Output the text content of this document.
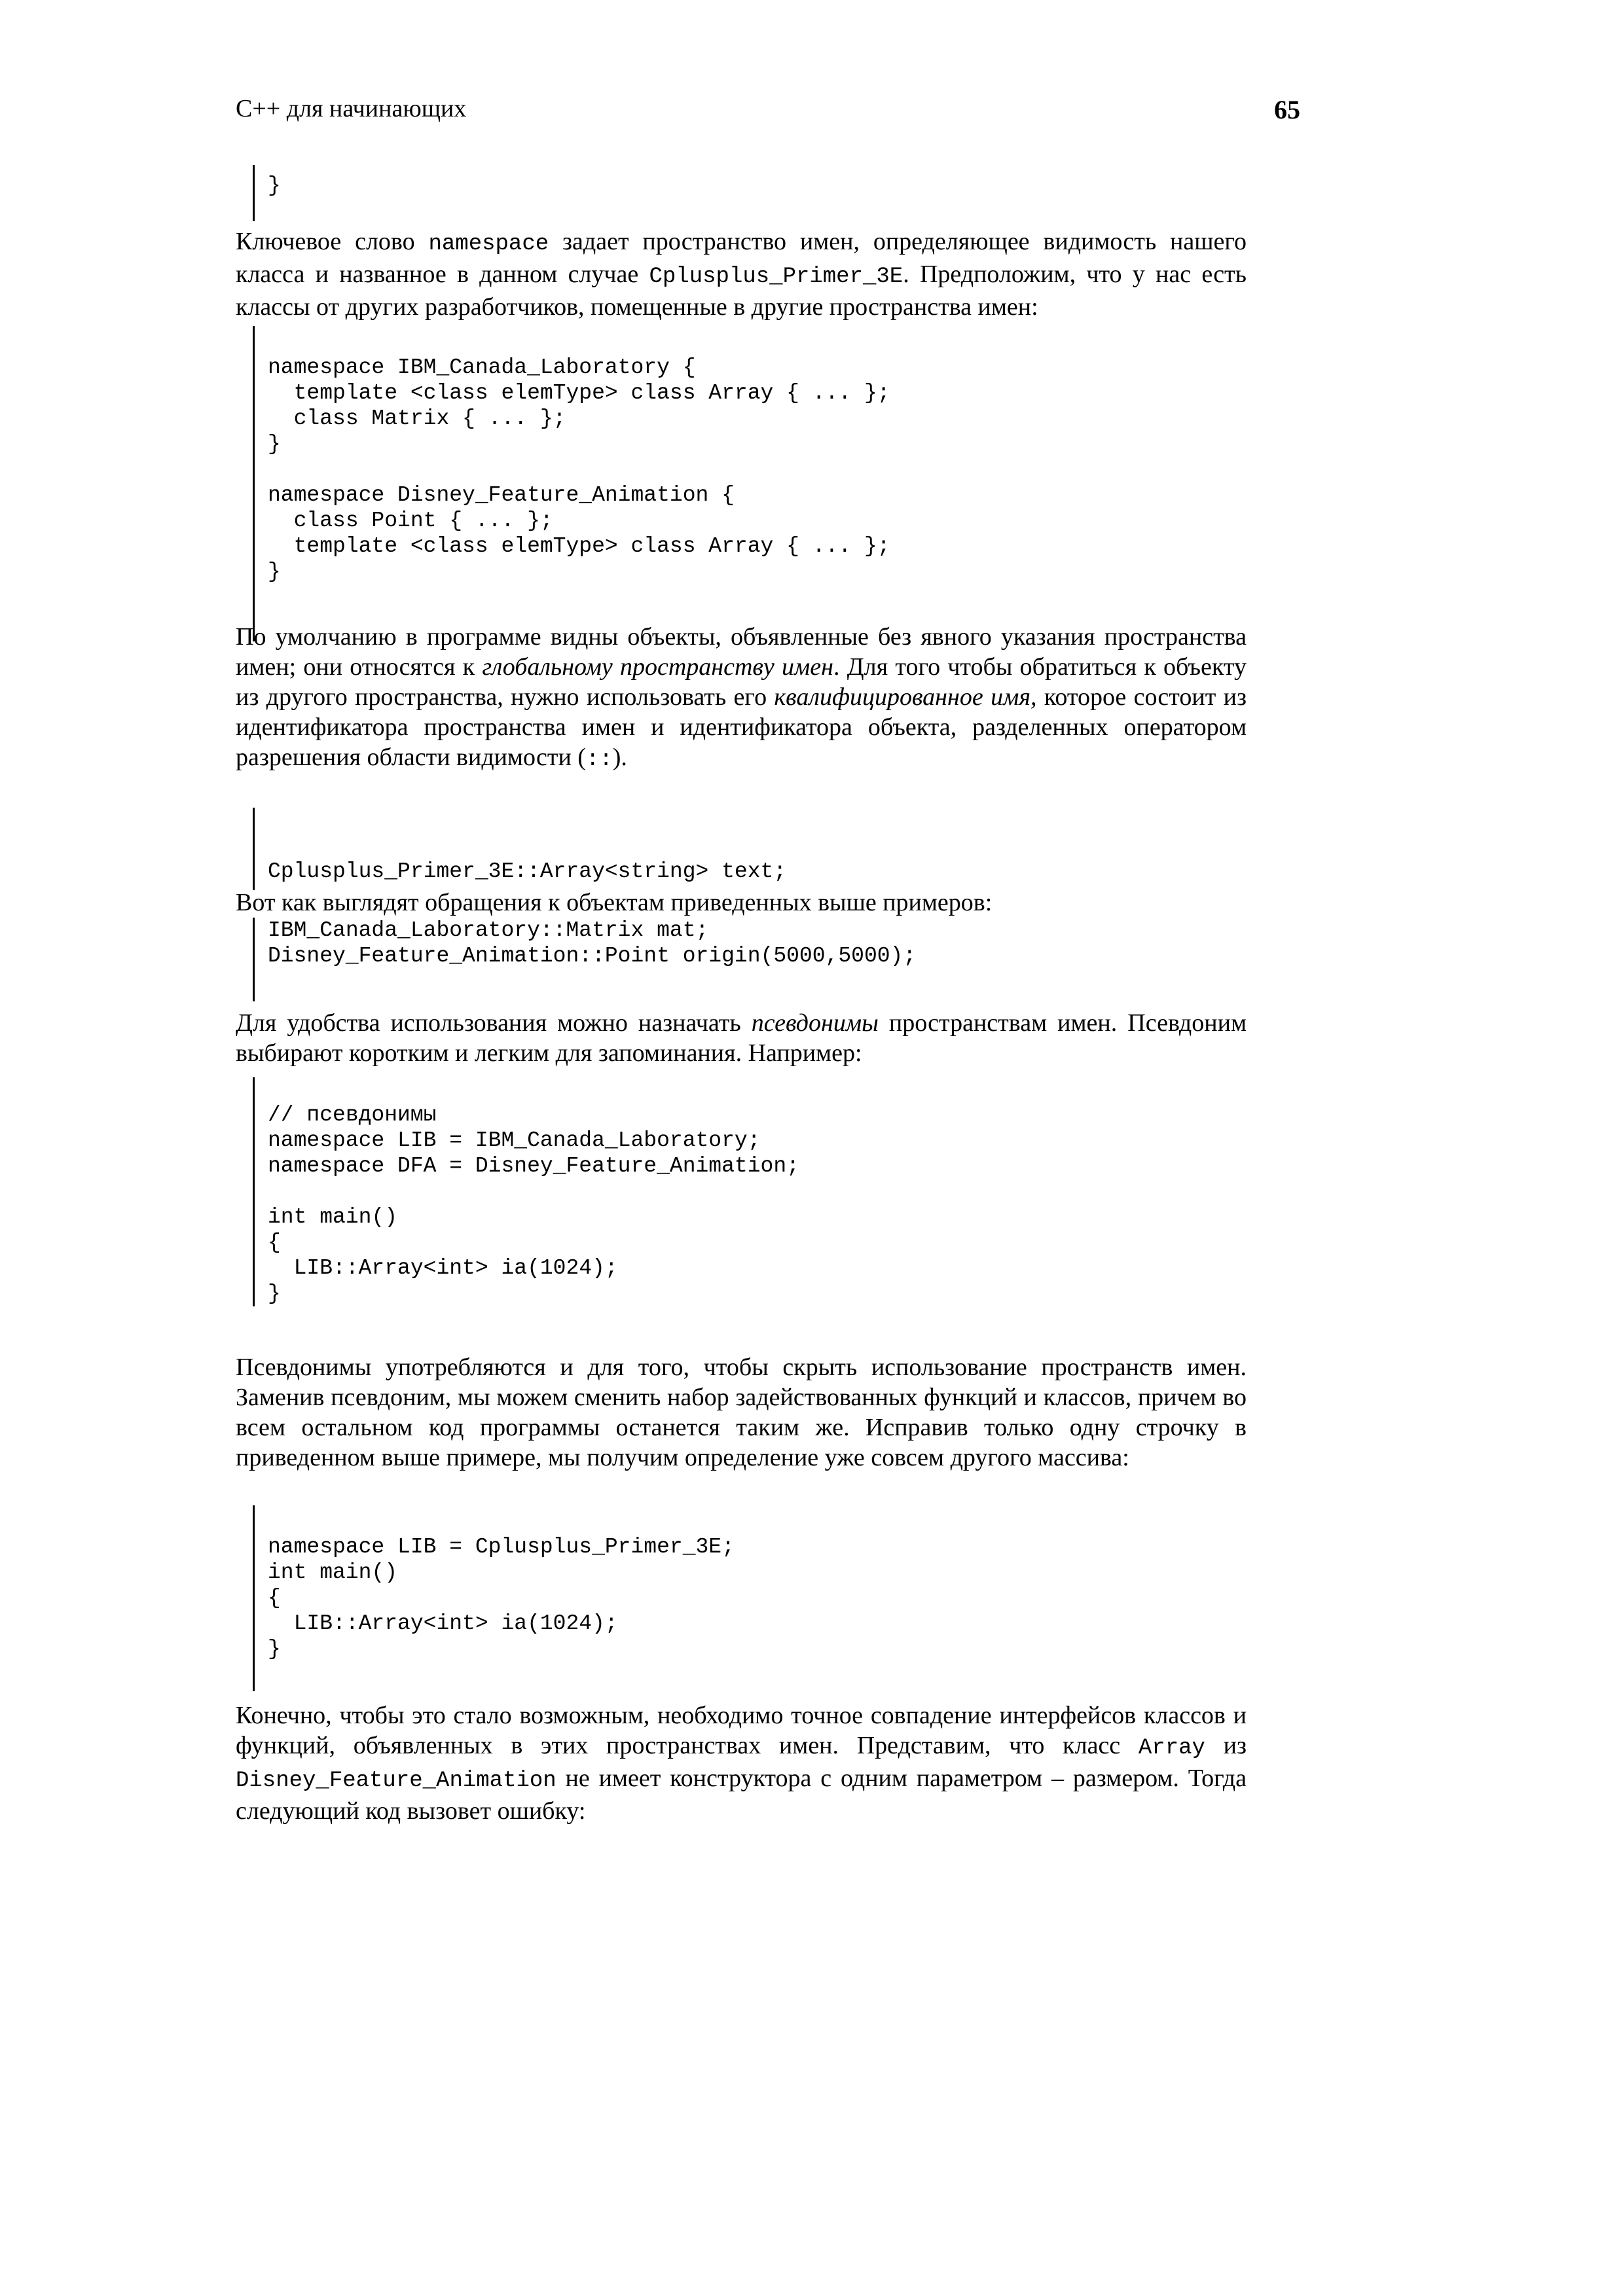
C++ для начинающих	65
}

Ключевое слово namespace задает пространство имен, определяющее видимость нашего класса и названное в данном случае Cplusplus_Primer_3E. Предположим, что у нас есть классы от других разработчиков, помещенные в другие пространства имен:

namespace IBM_Canada_Laboratory {
template <class elemType> class Array { ... };
class Matrix { ... };
}

namespace Disney_Feature_Animation {
class Point { ... };
template <class elemType> class Array { ... };
}

По умолчанию в программе видны объекты, объявленные без явного указания пространства имен; они относятся к глобальному пространству имен. Для того чтобы обратиться к объекту из другого пространства, нужно использовать его квалифицированное имя, которое состоит из идентификатора пространства имен и идентификатора объекта, разделенных оператором разрешения области видимости (::).

Cplusplus_Primer_3E::Array<string> text;

Вот как выглядят обращения к объектам приведенных выше примеров:

IBM_Canada_Laboratory::Matrix mat;
Disney_Feature_Animation::Point origin(5000,5000);

Для удобства использования можно назначать псевдонимы пространствам имен. Псевдоним выбирают коротким и легким для запоминания. Например:

// псевдонимы
namespace LIB = IBM_Canada_Laboratory;
namespace DFA = Disney_Feature_Animation;

int main()
{
LIB::Array<int> ia(1024);
}

Псевдонимы употребляются и для того, чтобы скрыть использование пространств имен. Заменив псевдоним, мы можем сменить набор задействованных функций и классов, причем во всем остальном код программы останется таким же. Исправив только одну строчку в приведенном выше примере, мы получим определение уже совсем другого массива:

namespace LIB = Cplusplus_Primer_3E;
int main()
{
LIB::Array<int> ia(1024);
}

Конечно, чтобы это стало возможным, необходимо точное совпадение интерфейсов классов и функций, объявленных в этих пространствах имен. Представим, что класс Array из Disney_Feature_Animation не имеет конструктора с одним параметром – размером. Тогда следующий код вызовет ошибку:
